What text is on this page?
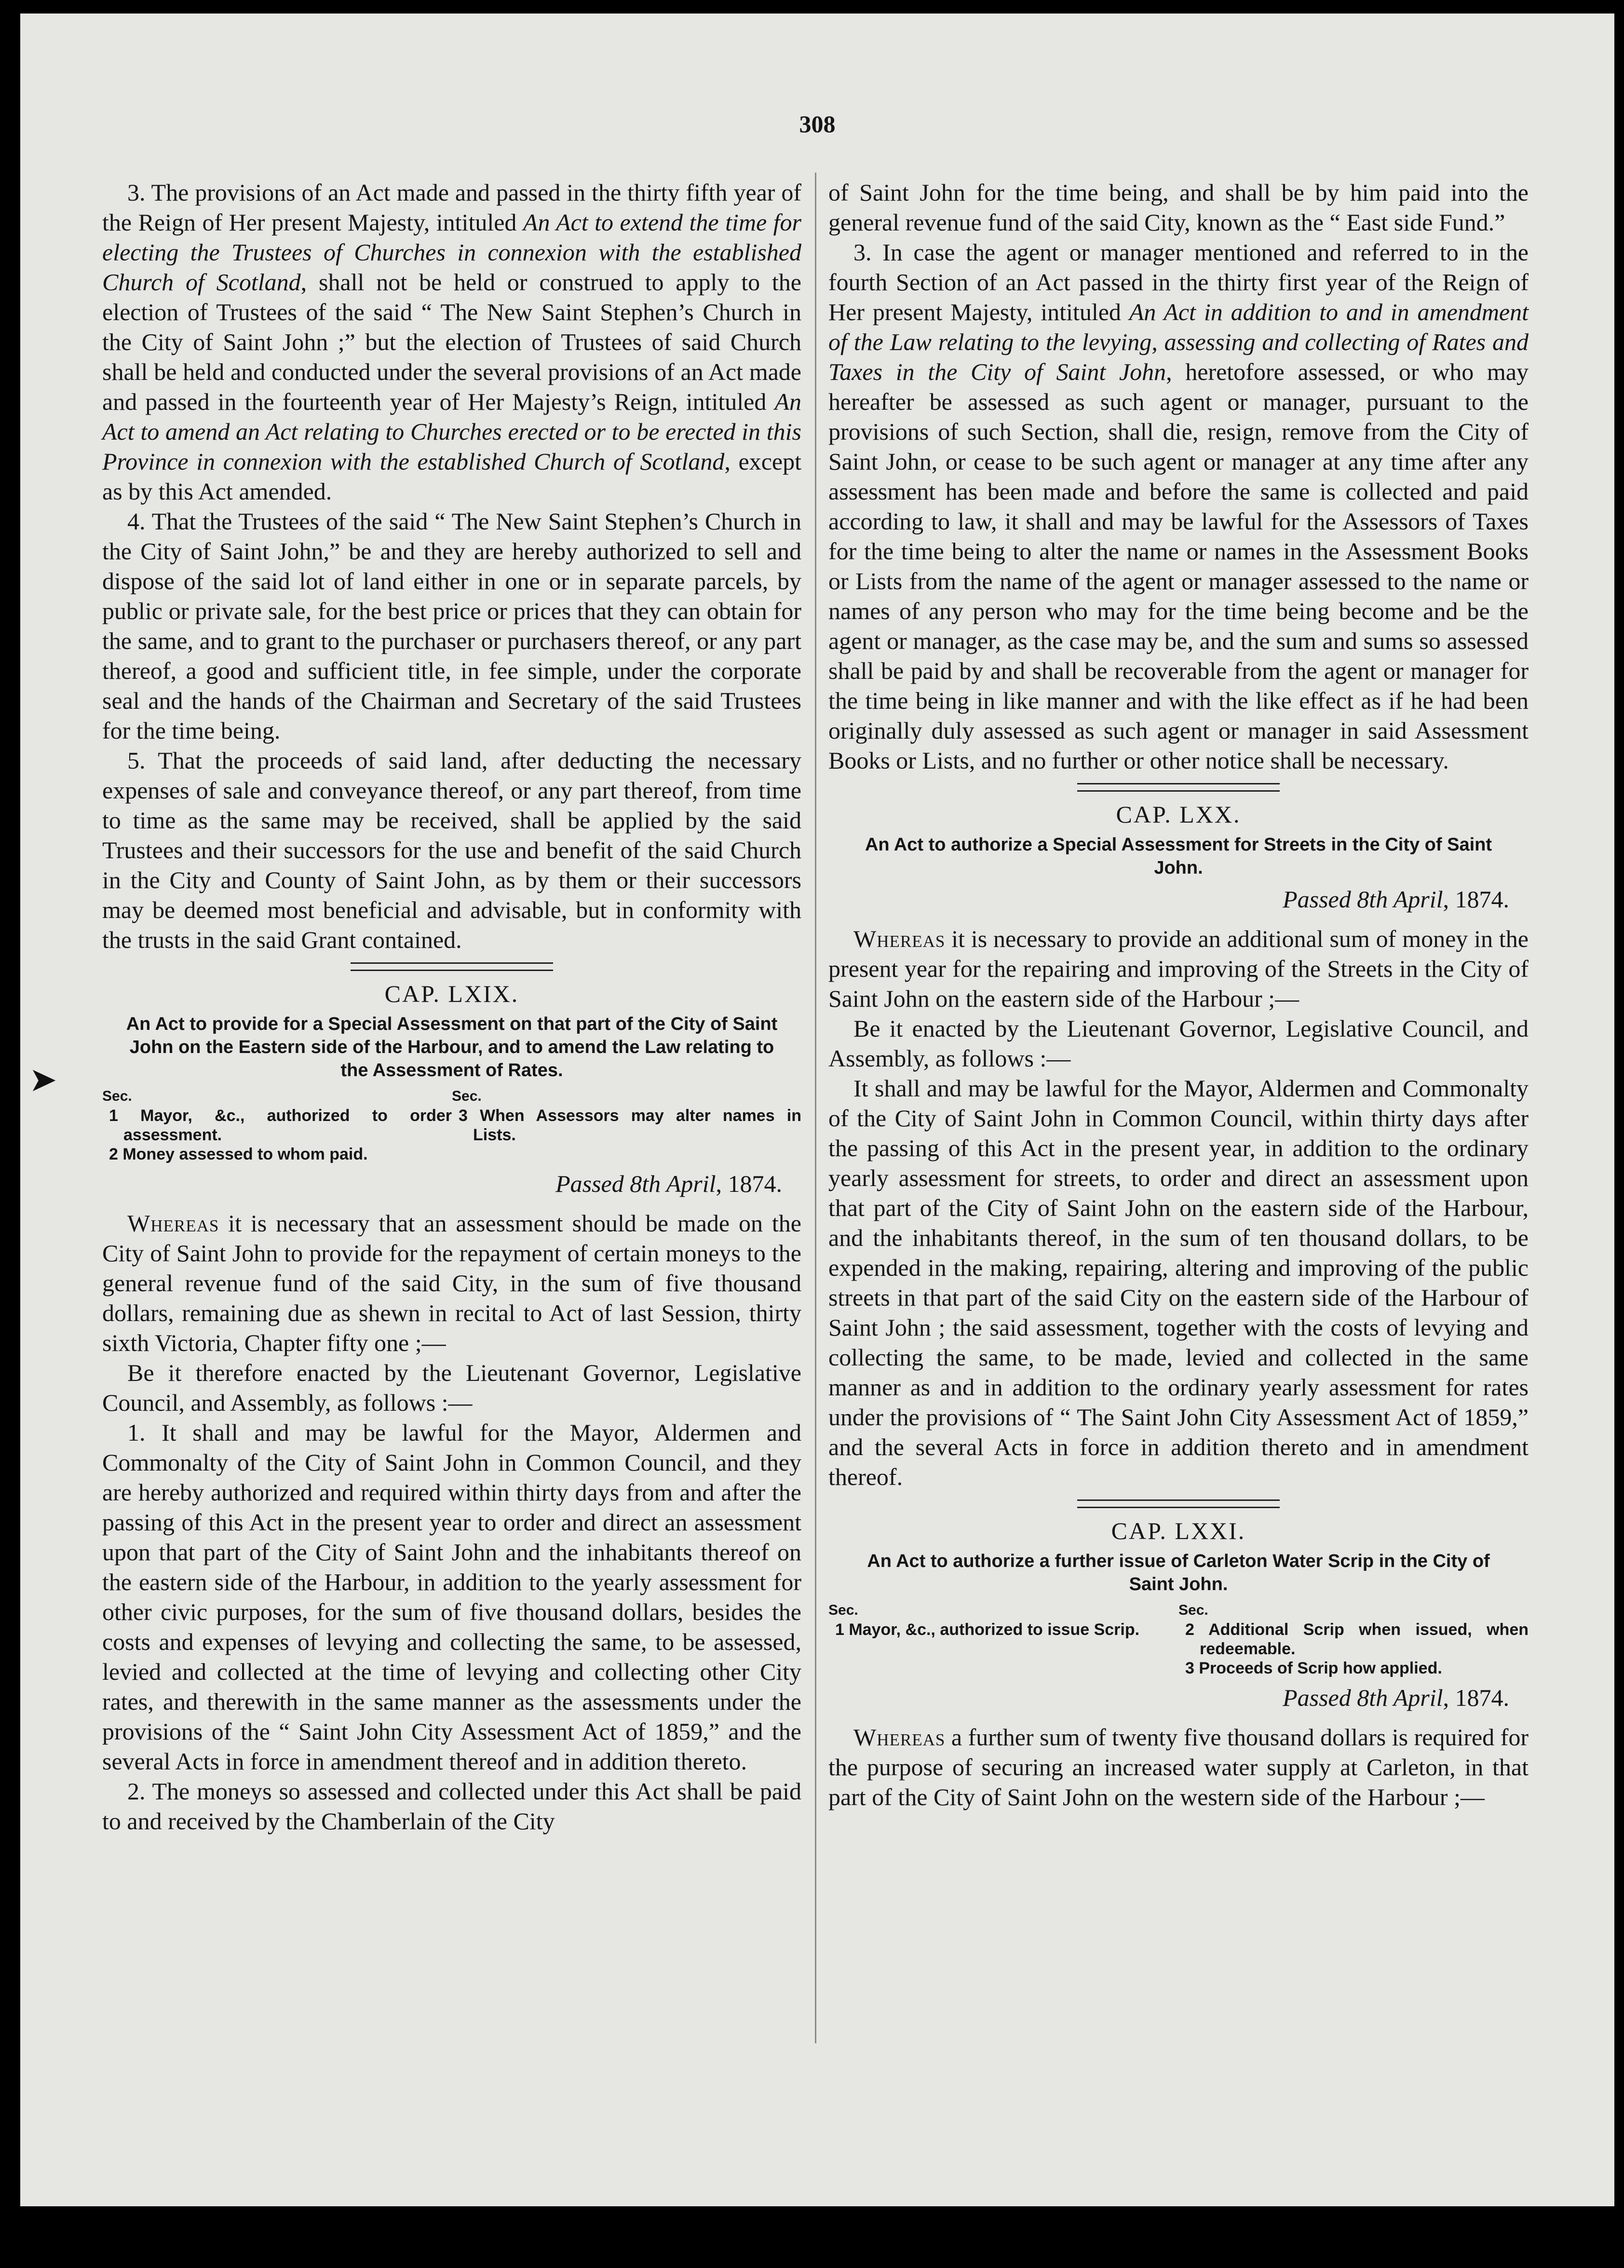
308
➤

3. The provisions of an Act made and passed in the thirty fifth year of the Reign of Her present Majesty, intituled An Act to extend the time for electing the Trustees of Churches in connexion with the established Church of Scotland, shall not be held or construed to apply to the election of Trustees of the said “ The New Saint Stephen’s Church in the City of Saint John ;” but the election of Trustees of said Church shall be held and conducted under the several provisions of an Act made and passed in the fourteenth year of Her Majesty’s Reign, intituled An Act to amend an Act relating to Churches erected or to be erected in this Province in connexion with the established Church of Scotland, except as by this Act amended.

4. That the Trustees of the said “ The New Saint Stephen’s Church in the City of Saint John,” be and they are hereby authorized to sell and dispose of the said lot of land either in one or in separate parcels, by public or private sale, for the best price or prices that they can obtain for the same, and to grant to the purchaser or purchasers thereof, or any part thereof, a good and sufficient title, in fee simple, under the corporate seal and the hands of the Chairman and Secretary of the said Trustees for the time being.

5. That the proceeds of said land, after deducting the necessary expenses of sale and conveyance thereof, or any part thereof, from time to time as the same may be received, shall be applied by the said Trustees and their successors for the use and benefit of the said Church in the City and County of Saint John, as by them or their successors may be deemed most beneficial and advisable, but in conformity with the trusts in the said Grant contained.

CAP. LXIX.
An Act to provide for a Special Assessment on that part of the City of Saint John on the Eastern side of the Harbour, and to amend the Law relating to the Assessment of Rates.
Sec.
1 Mayor, &c., authorized to order assessment.
2 Money assessed to whom paid.
Sec.
3 When Assessors may alter names in Lists.
Passed 8th April, 1874.

Whereas it is necessary that an assessment should be made on the City of Saint John to provide for the repayment of certain moneys to the general revenue fund of the said City, in the sum of five thousand dollars, remaining due as shewn in recital to Act of last Session, thirty sixth Victoria, Chapter fifty one ;—

Be it therefore enacted by the Lieutenant Governor, Legislative Council, and Assembly, as follows :—

1. It shall and may be lawful for the Mayor, Aldermen and Commonalty of the City of Saint John in Common Council, and they are hereby authorized and required within thirty days from and after the passing of this Act in the present year to order and direct an assessment upon that part of the City of Saint John and the inhabitants thereof on the eastern side of the Harbour, in addition to the yearly assessment for other civic purposes, for the sum of five thousand dollars, besides the costs and expenses of levying and collecting the same, to be assessed, levied and collected at the time of levying and collecting other City rates, and therewith in the same manner as the assessments under the provisions of the “ Saint John City Assessment Act of 1859,” and the several Acts in force in amendment thereof and in addition thereto.

2. The moneys so assessed and collected under this Act shall be paid to and received by the Chamberlain of the City

of Saint John for the time being, and shall be by him paid into the general revenue fund of the said City, known as the “ East side Fund.”

3. In case the agent or manager mentioned and referred to in the fourth Section of an Act passed in the thirty first year of the Reign of Her present Majesty, intituled An Act in addition to and in amendment of the Law relating to the levying, assessing and collecting of Rates and Taxes in the City of Saint John, heretofore assessed, or who may hereafter be assessed as such agent or manager, pursuant to the provisions of such Section, shall die, resign, remove from the City of Saint John, or cease to be such agent or manager at any time after any assessment has been made and before the same is collected and paid according to law, it shall and may be lawful for the Assessors of Taxes for the time being to alter the name or names in the Assessment Books or Lists from the name of the agent or manager assessed to the name or names of any person who may for the time being become and be the agent or manager, as the case may be, and the sum and sums so assessed shall be paid by and shall be recoverable from the agent or manager for the time being in like manner and with the like effect as if he had been originally duly assessed as such agent or manager in said Assessment Books or Lists, and no further or other notice shall be necessary.

CAP. LXX.
An Act to authorize a Special Assessment for Streets in the City of Saint John.
Passed 8th April, 1874.

Whereas it is necessary to provide an additional sum of money in the present year for the repairing and improving of the Streets in the City of Saint John on the eastern side of the Harbour ;—

Be it enacted by the Lieutenant Governor, Legislative Council, and Assembly, as follows :—

It shall and may be lawful for the Mayor, Aldermen and Commonalty of the City of Saint John in Common Council, within thirty days after the passing of this Act in the present year, in addition to the ordinary yearly assessment for streets, to order and direct an assessment upon that part of the City of Saint John on the eastern side of the Harbour, and the inhabitants thereof, in the sum of ten thousand dollars, to be expended in the making, repairing, altering and improving of the public streets in that part of the said City on the eastern side of the Harbour of Saint John ; the said assessment, together with the costs of levying and collecting the same, to be made, levied and collected in the same manner as and in addition to the ordinary yearly assessment for rates under the provisions of “ The Saint John City Assessment Act of 1859,” and the several Acts in force in addition thereto and in amendment thereof.

CAP. LXXI.
An Act to authorize a further issue of Carleton Water Scrip in the City of Saint John.
Sec.
1 Mayor, &c., authorized to issue Scrip.
Sec.
2 Additional Scrip when issued, when redeemable.
3 Proceeds of Scrip how applied.
Passed 8th April, 1874.

Whereas a further sum of twenty five thousand dollars is required for the purpose of securing an increased water supply at Carleton, in that part of the City of Saint John on the western side of the Harbour ;—
